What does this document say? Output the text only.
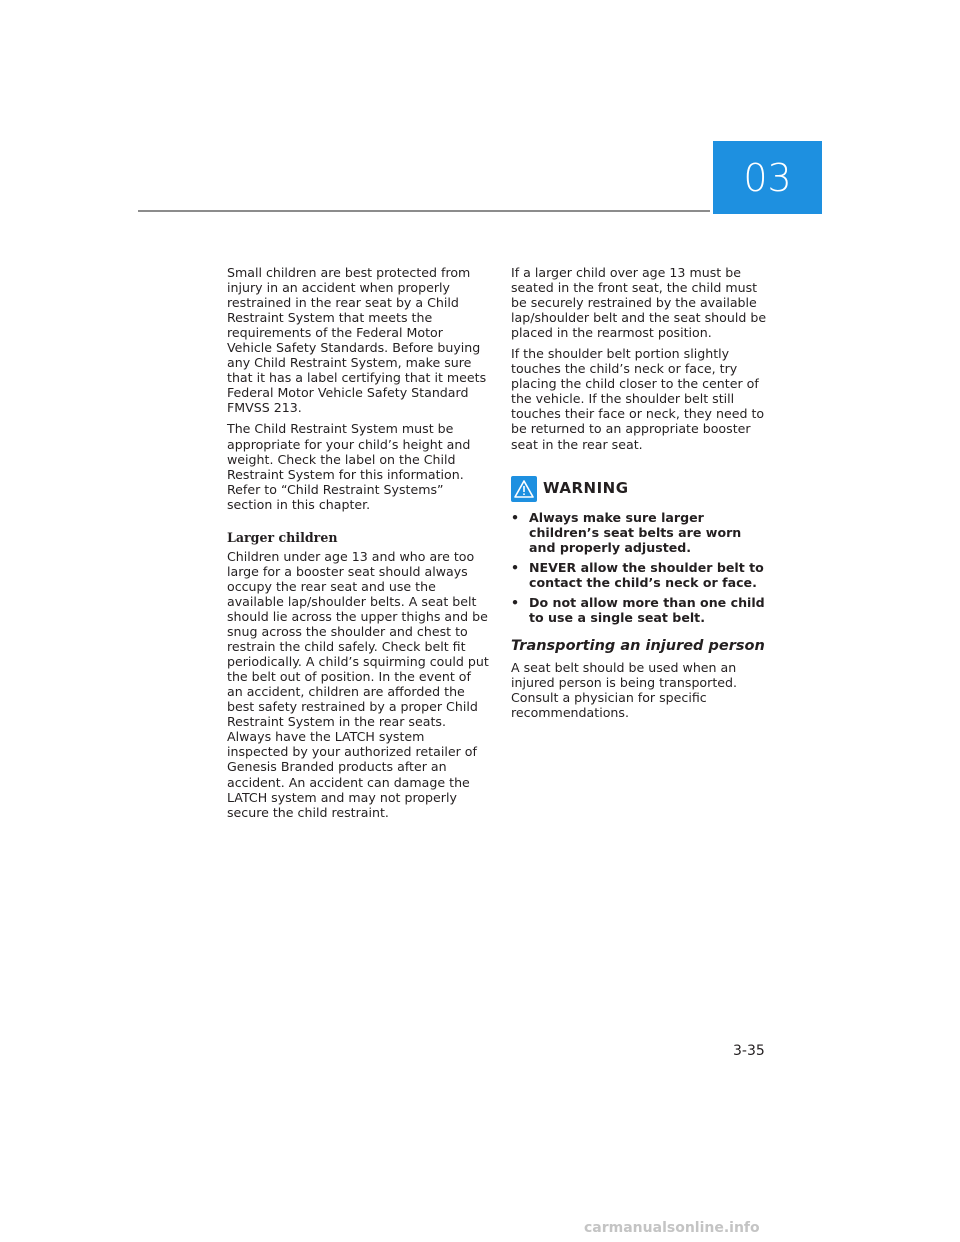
03

Small children are best protected from injury in an accident when properly restrained in the rear seat by a Child Restraint System that meets the requirements of the Federal Motor Vehicle Safety Standards. Before buying any Child Restraint System, make sure that it has a label certifying that it meets Federal Motor Vehicle Safety Standard FMVSS 213.

The Child Restraint System must be appropriate for your child’s height and weight. Check the label on the Child Restraint System for this information. Refer to “Child Restraint Systems” section in this chapter.

Larger children

Children under age 13 and who are too large for a booster seat should always occupy the rear seat and use the available lap/shoulder belts. A seat belt should lie across the upper thighs and be snug across the shoulder and chest to restrain the child safely. Check belt fit periodically. A child’s squirming could put the belt out of position. In the event of an accident, children are afforded the best safety restrained by a proper Child Restraint System in the rear seats. Always have the LATCH system inspected by your authorized retailer of Genesis Branded products after an accident. An accident can damage the LATCH system and may not properly secure the child restraint.

If a larger child over age 13 must be seated in the front seat, the child must be securely restrained by the available lap/shoulder belt and the seat should be placed in the rearmost position.

If the shoulder belt portion slightly touches the child’s neck or face, try placing the child closer to the center of the vehicle. If the shoulder belt still touches their face or neck, they need to be returned to an appropriate booster seat in the rear seat.

WARNING
• Always make sure larger children’s seat belts are worn and properly adjusted.
• NEVER allow the shoulder belt to contact the child’s neck or face.
• Do not allow more than one child to use a single seat belt.
Transporting an injured person

A seat belt should be used when an injured person is being transported. Consult a physician for specific recommendations.

3-35
carmanualsonline.info
